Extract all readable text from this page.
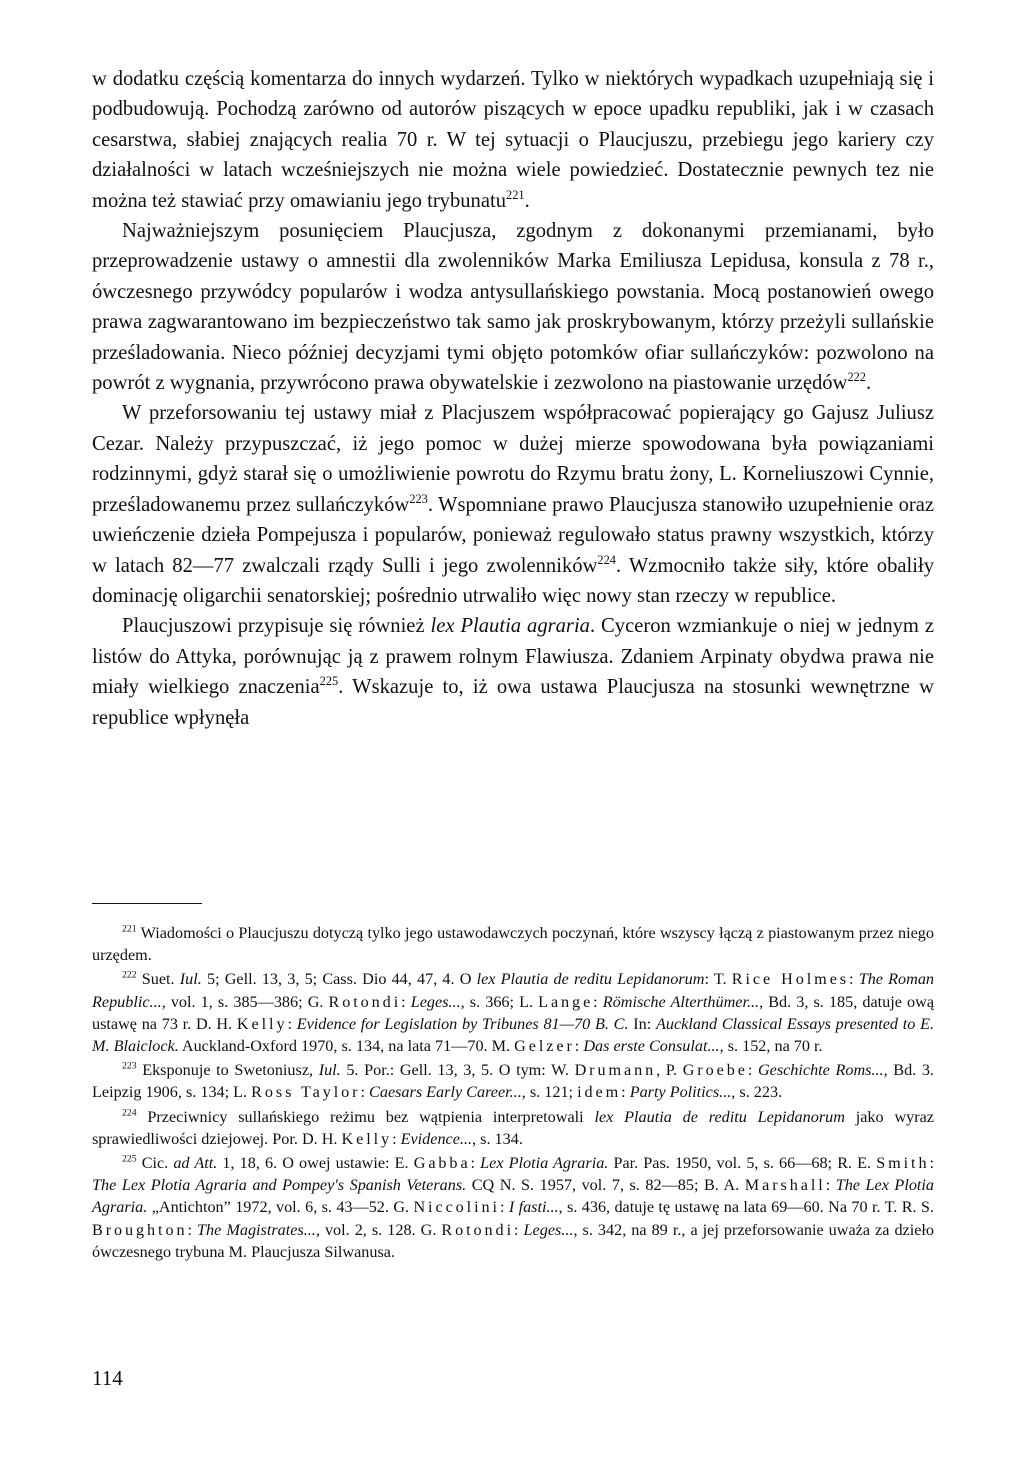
w dodatku częścią komentarza do innych wydarzeń. Tylko w niektórych wypadkach uzupełniają się i podbudowują. Pochodzą zarówno od autorów piszących w epoce upadku republiki, jak i w czasach cesarstwa, słabiej znających realia 70 r. W tej sytuacji o Plaucjuszu, przebiegu jego kariery czy działalności w latach wcześniejszych nie można wiele powiedzieć. Dostatecznie pewnych tez nie można też stawiać przy omawianiu jego trybunatu$^{221}$.

Najważniejszym posunięciem Plaucjusza, zgodnym z dokonanymi przemianami, było przeprowadzenie ustawy o amnestii dla zwolenników Marka Emiliusza Lepidusa, konsula z 78 r., ówczesnego przywódcy popularów i wodza antysullańskiego powstania. Mocą postanowień owego prawa zagwarantowano im bezpieczeństwo tak samo jak proskrybowanym, którzy przeżyli sullańskie prześladowania. Nieco później decyzjami tymi objęto potomków ofiar sullańczyków: pozwolono na powrót z wygnania, przywrócono prawa obywatelskie i zezwolono na piastowanie urzędów$^{222}$.

W przeforsowaniu tej ustawy miał z Placjuszem współpracować popierający go Gajusz Juliusz Cezar. Należy przypuszczać, iż jego pomoc w dużej mierze spowodowana była powiązaniami rodzinnymi, gdyż starał się o umożliwienie powrotu do Rzymu bratu żony, L. Korneliuszowi Cynnie, prześladowanemu przez sullańczyków$^{223}$. Wspomniane prawo Plaucjusza stanowiło uzupełnienie oraz uwieńczenie dzieła Pompejusza i popularów, ponieważ regulowało status prawny wszystkich, którzy w latach 82—77 zwalczali rządy Sulli i jego zwolenników$^{224}$. Wzmocniło także siły, które obaliły dominację oligarchii senatorskiej; pośrednio utrwaliło więc nowy stan rzeczy w republice.

Plaucjuszowi przypisuje się również lex Plautia agraria. Cyceron wzmiankuje o niej w jednym z listów do Attyka, porównując ją z prawem rolnym Flawiusza. Zdaniem Arpinaty obydwa prawa nie miały wielkiego znaczenia$^{225}$. Wskazuje to, iż owa ustawa Plaucjusza na stosunki wewnętrzne w republice wpłynęła

$^{221}$ Wiadomości o Plaucjuszu dotyczą tylko jego ustawodawczych poczynań, które wszyscy łączą z piastowanym przez niego urzędem.

$^{222}$ Suet. Iul. 5; Gell. 13, 3, 5; Cass. Dio 44, 47, 4. O lex Plautia de reditu Lepidanorum: T. Rice Holmes: The Roman Republic..., vol. 1, s. 385—386; G. Rotondi: Leges..., s. 366; L. Lange: Römische Alterthümer..., Bd. 3, s. 185, datuje ową ustawę na 73 r. D. H. Kelly: Evidence for Legislation by Tribunes 81—70 B. C. In: Auckland Classical Essays presented to E. M. Blaiclock. Auckland-Oxford 1970, s. 134, na lata 71—70. M. Gelzer: Das erste Consulat..., s. 152, na 70 r.

$^{223}$ Eksponuje to Swetoniusz, Iul. 5. Por.: Gell. 13, 3, 5. O tym: W. Drumann, P. Groebe: Geschichte Roms..., Bd. 3. Leipzig 1906, s. 134; L. Ross Taylor: Caesars Early Career..., s. 121; idem: Party Politics..., s. 223.

$^{224}$ Przeciwnicy sullańskiego reżimu bez wątpienia interpretowali lex Plautia de reditu Lepidanorum jako wyraz sprawiedliwości dziejowej. Por. D. H. Kelly: Evidence..., s. 134.

$^{225}$ Cic. ad Att. 1, 18, 6. O owej ustawie: E. Gabba: Lex Plotia Agraria. Par. Pas. 1950, vol. 5, s. 66—68; R. E. Smith: The Lex Plotia Agraria and Pompey's Spanish Veterans. CQ N. S. 1957, vol. 7, s. 82—85; B. A. Marshall: The Lex Plotia Agraria. „Antichton” 1972, vol. 6, s. 43—52. G. Niccolini: I fasti..., s. 436, datuje tę ustawę na lata 69—60. Na 70 r. T. R. S. Broughton: The Magistrates..., vol. 2, s. 128. G. Rotondi: Leges..., s. 342, na 89 r., a jej przeforsowanie uważa za dzieło ówczesnego trybuna M. Plaucjusza Silwanusa.

114
